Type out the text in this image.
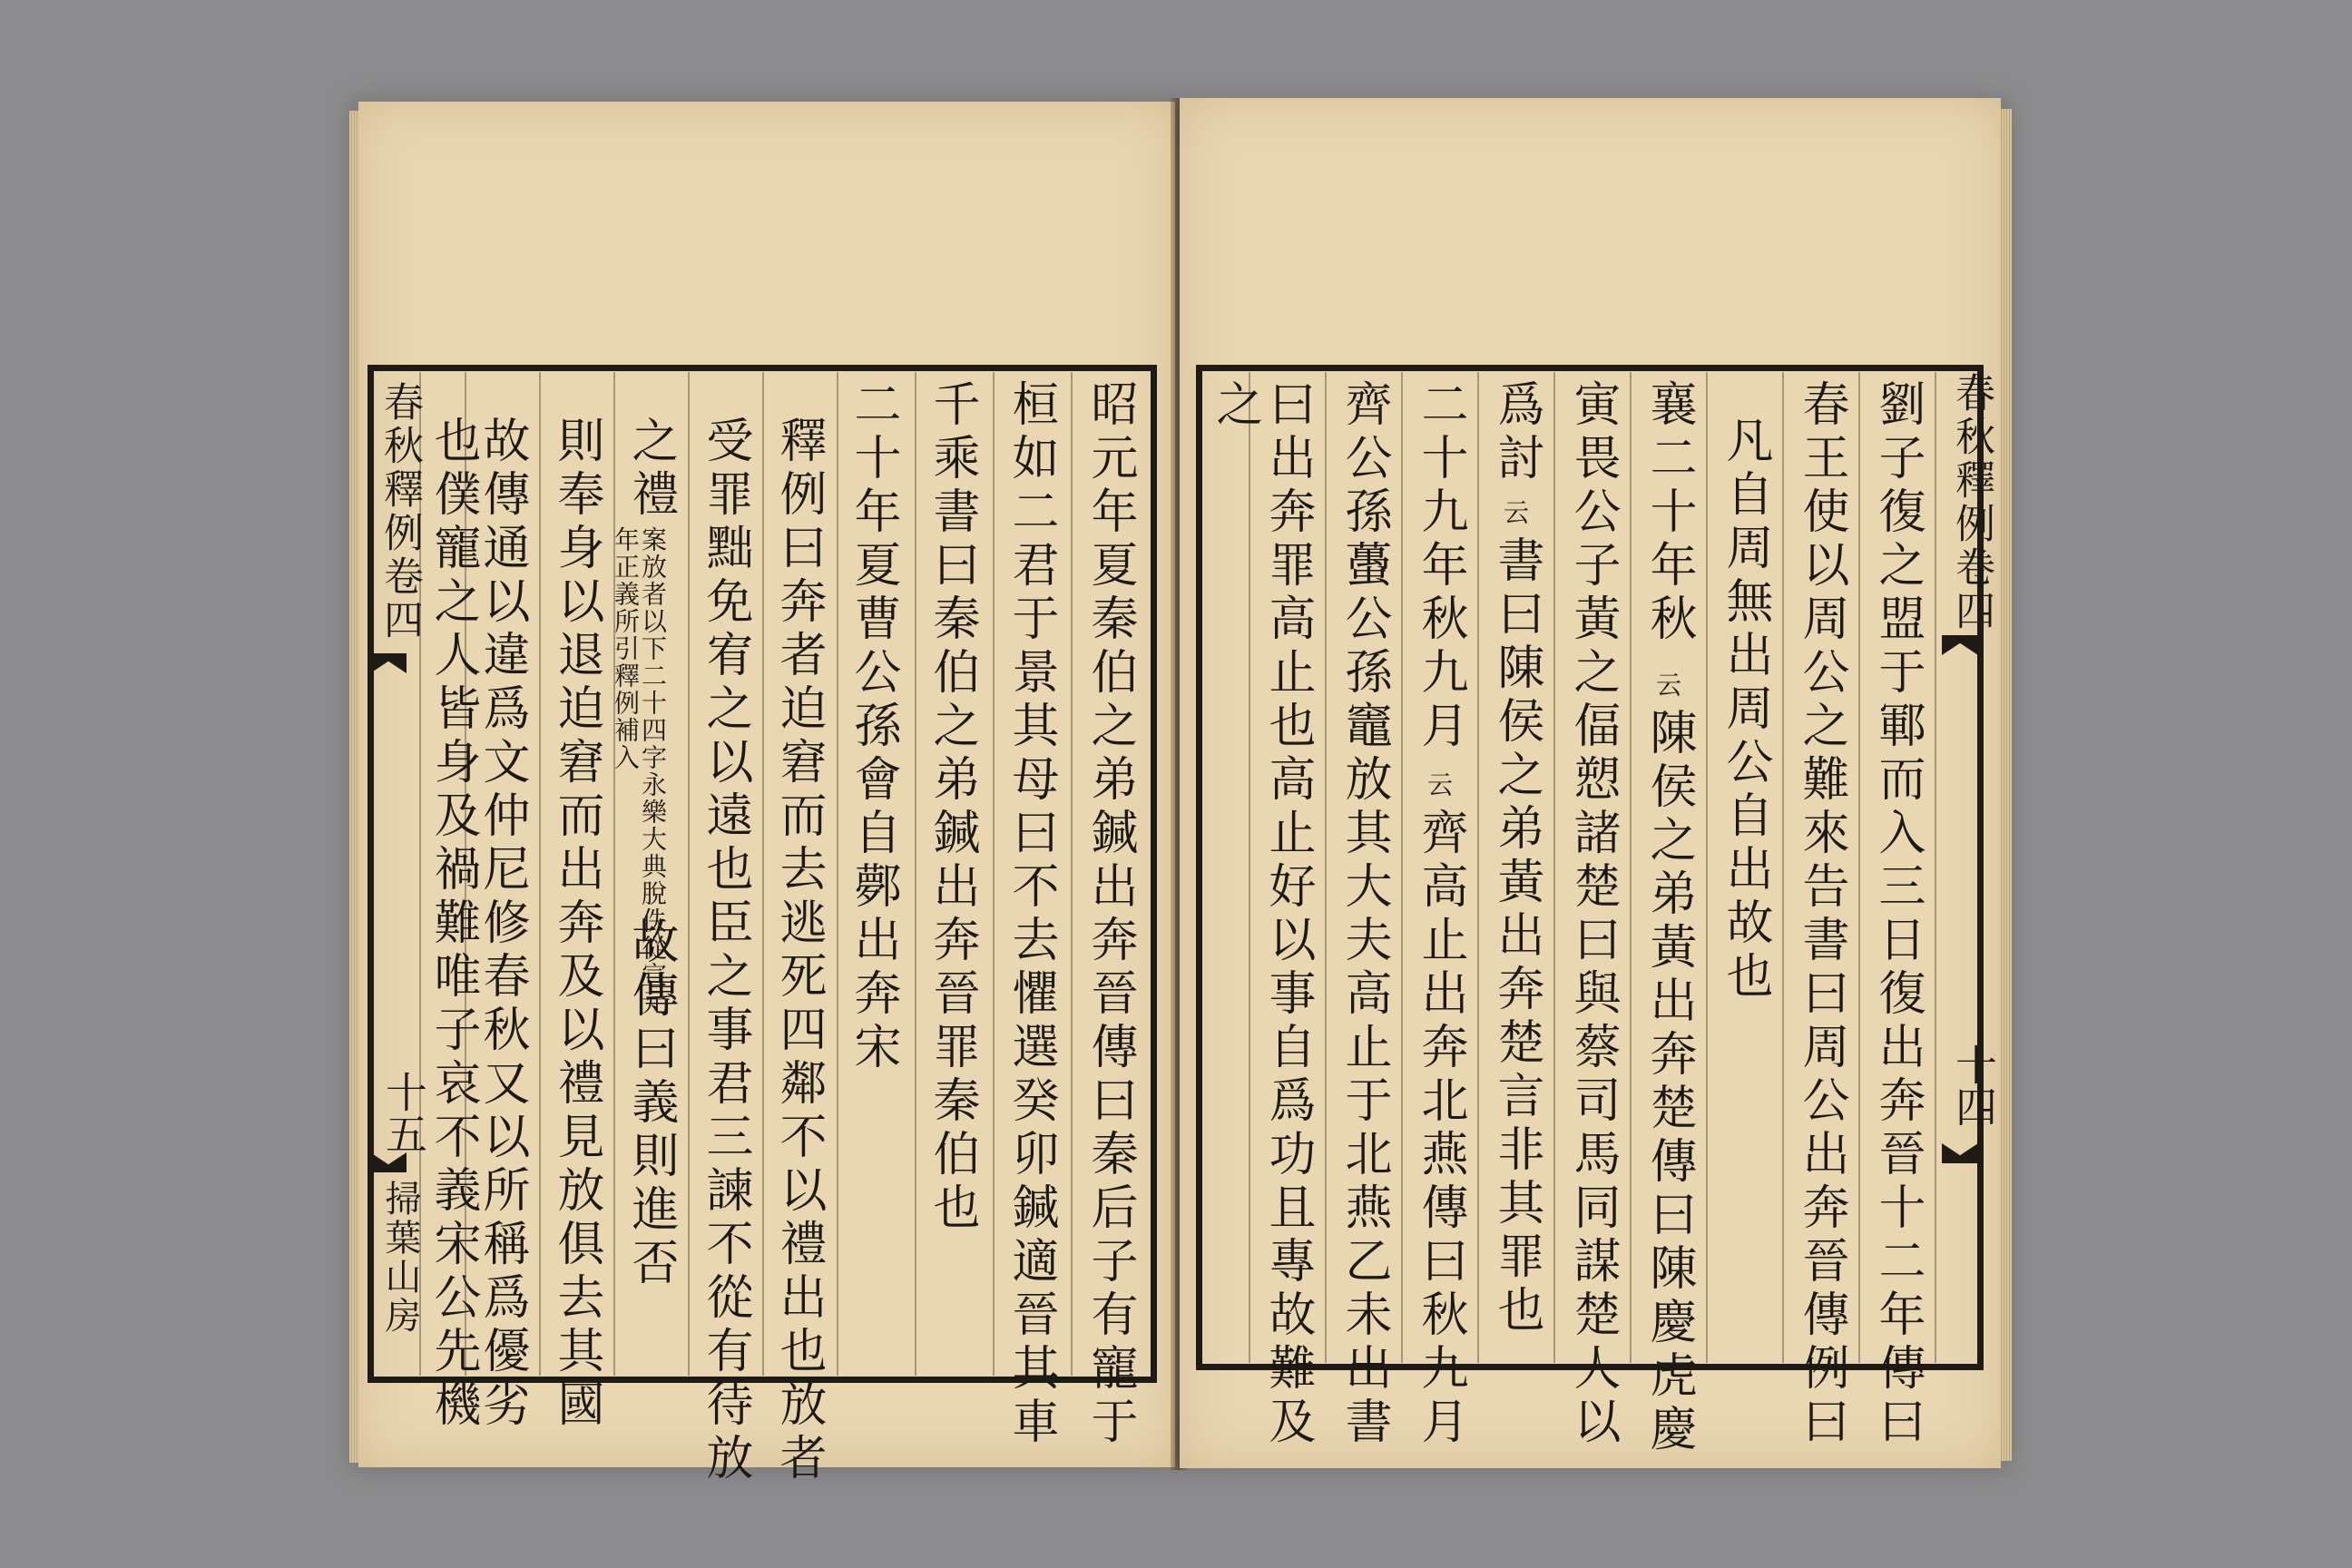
春秋釋例卷四
十五
掃葉山房	昭元年夏秦伯之弟鍼出奔晉傳曰秦后子有寵于
桓如二君于景其母曰不去懼選癸卯鍼適晉其車
千乘書曰秦伯之弟鍼出奔晉罪秦伯也
二十年夏曹公孫會自鄸出奔宋
釋例曰奔者迫窘而去逃死四鄰不以禮出也放者
受罪黜免宥之以遠也臣之事君三諫不從有待放
之禮
案放者以下二十四字永樂大典脫佚從宣元年正義所引釋例補入
故傳曰義則進否
則奉身以退迫窘而出奔及以禮見放俱去其國
故傳通以違爲文仲尼修春秋又以所稱爲優劣
也僕寵之人皆身及禍難唯子哀不義宋公先機	春秋釋例卷四
十四
劉子復之盟于鄆而入三日復出奔晉十二年傳曰
春王使以周公之難來告書曰周公出奔晉傳例曰
凡自周無出周公自出故也
襄二十年秋
云
陳侯之弟黃出奔楚傳曰陳慶虎慶
寅畏公子黃之偪愬諸楚曰與蔡司馬同謀楚人以
爲討
云
書曰陳侯之弟黃出奔楚言非其罪也
二十九年秋九月
云
齊高止出奔北燕傳曰秋九月
齊公孫蠆公孫竈放其大夫高止于北燕乙未出書
曰出奔罪高止也高止好以事自爲功且專故難及
之
